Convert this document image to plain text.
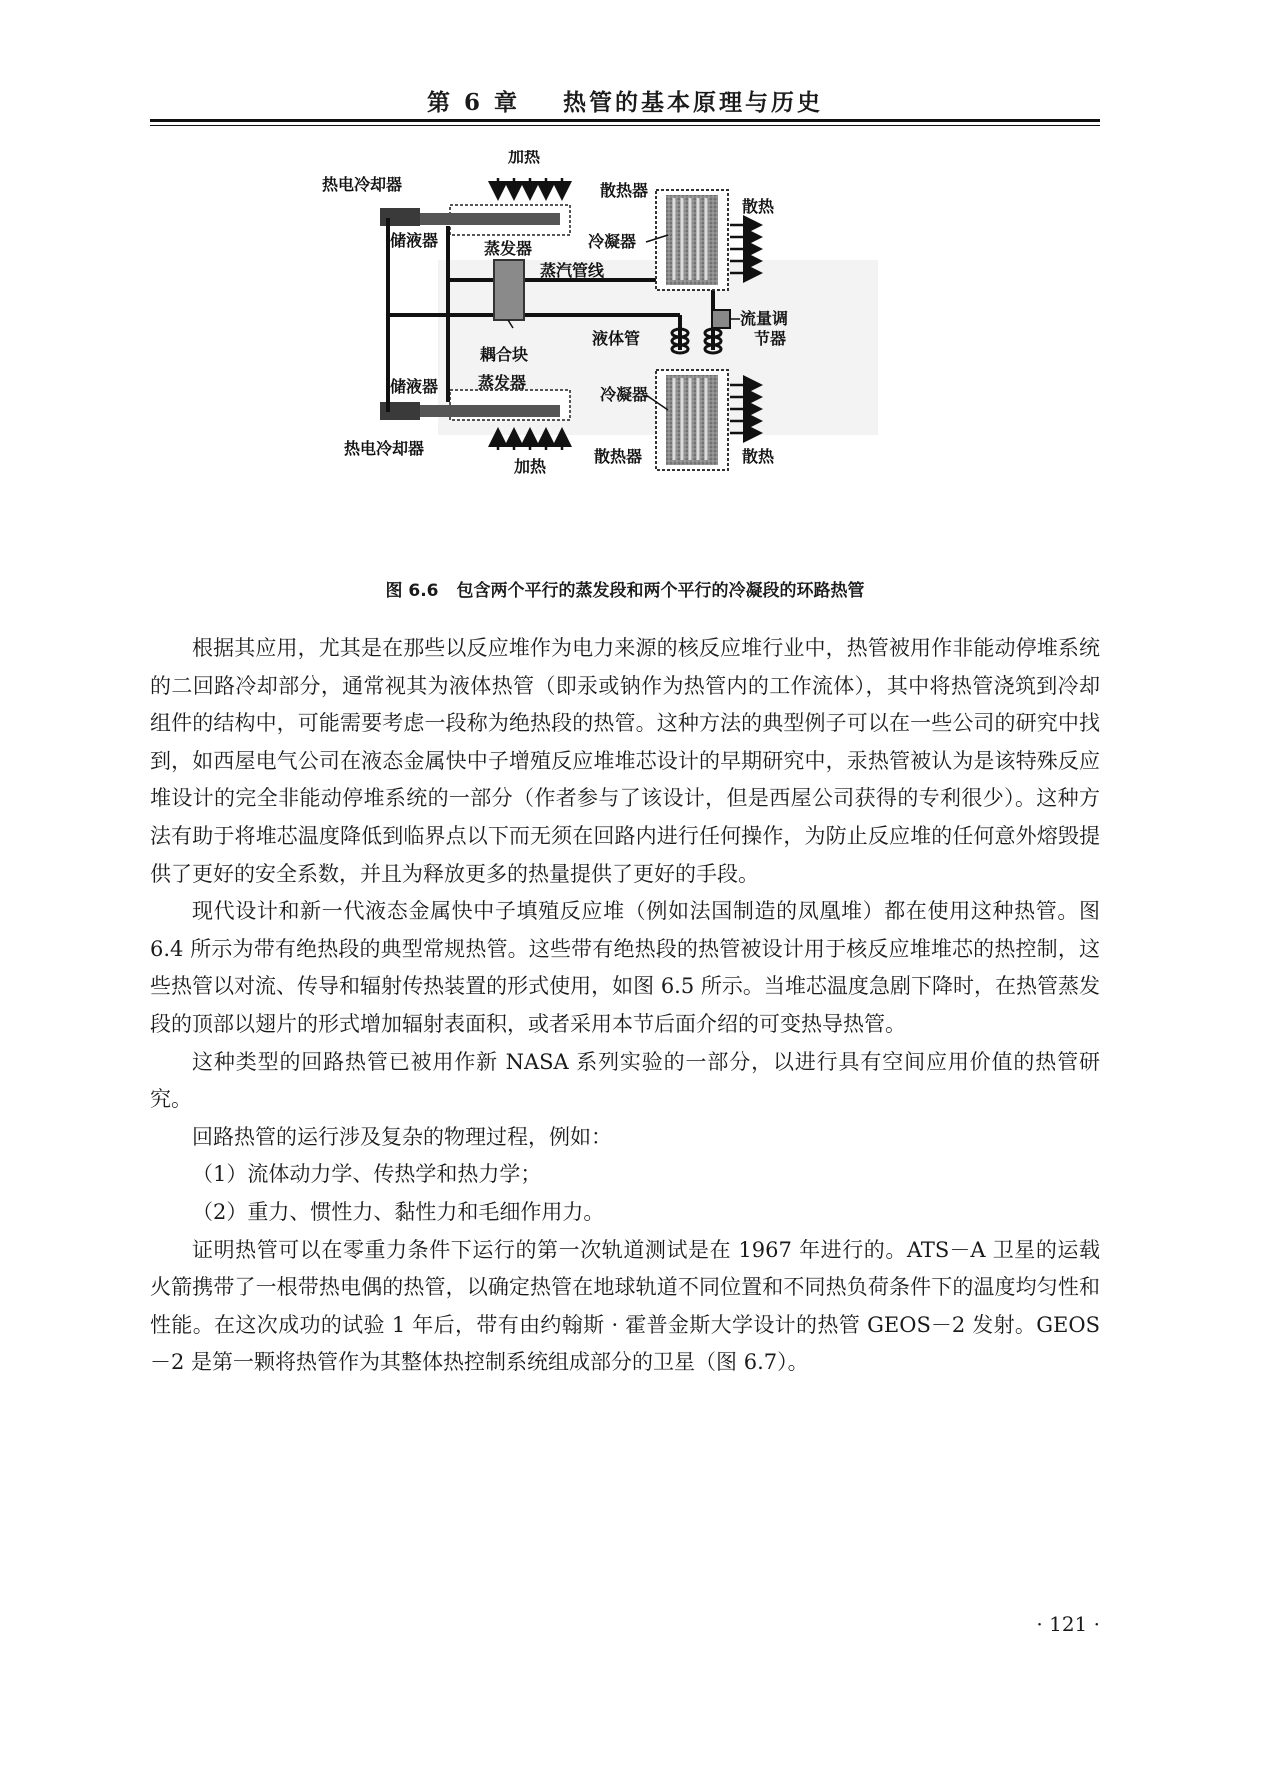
第 6 章 热管的基本原理与历史
热电冷却器
加热
散热器
散热
储液器	冷凝器
蒸发器
蒸汽管线
流量调
节器
液体管
耦合块
储液器 蒸发器
冷凝器
热电冷却器
加热
散热器	散热
图 6.6 包含两个平行的蒸发段和两个平行的冷凝段的环路热管

根据其应用，尤其是在那些以反应堆作为电力来源的核反应堆行业中，热管被用作非能动停堆系统的二回路冷却部分，通常视其为液体热管（即汞或钠作为热管内的工作流体），其中将热管浇筑到冷却组件的结构中，可能需要考虑一段称为绝热段的热管。这种方法的典型例子可以在一些公司的研究中找到，如西屋电气公司在液态金属快中子增殖反应堆堆芯设计的早期研究中，汞热管被认为是该特殊反应堆设计的完全非能动停堆系统的一部分（作者参与了该设计，但是西屋公司获得的专利很少）。这种方法有助于将堆芯温度降低到临界点以下而无须在回路内进行任何操作，为防止反应堆的任何意外熔毁提供了更好的安全系数，并且为释放更多的热量提供了更好的手段。

现代设计和新一代液态金属快中子填殖反应堆（例如法国制造的凤凰堆）都在使用这种热管。图 6.4 所示为带有绝热段的典型常规热管。这些带有绝热段的热管被设计用于核反应堆堆芯的热控制，这些热管以对流、传导和辐射传热装置的形式使用，如图 6.5 所示。当堆芯温度急剧下降时，在热管蒸发段的顶部以翅片的形式增加辐射表面积，或者采用本节后面介绍的可变热导热管。

这种类型的回路热管已被用作新 NASA 系列实验的一部分，以进行具有空间应用价值的热管研究。

回路热管的运行涉及复杂的物理过程，例如：

（1）流体动力学、传热学和热力学；

（2）重力、惯性力、黏性力和毛细作用力。

证明热管可以在零重力条件下运行的第一次轨道测试是在 1967 年进行的。ATS－A 卫星的运载火箭携带了一根带热电偶的热管，以确定热管在地球轨道不同位置和不同热负荷条件下的温度均匀性和性能。在这次成功的试验 1 年后，带有由约翰斯 · 霍普金斯大学设计的热管 GEOS－2 发射。GEOS－2 是第一颗将热管作为其整体热控制系统组成部分的卫星（图 6.7）。

· 121 ·
